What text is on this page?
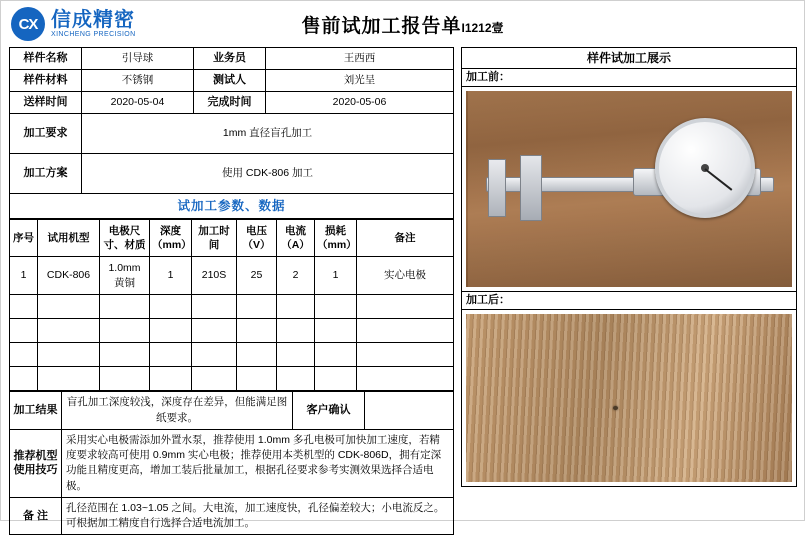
CX 信成精密
XINCHENG PRECISION	售前试加工报告单I1212壹
样件名称	引导球	业务员	王西西
样件材料	不锈钢	测试人	刘光呈
送样时间	2020-05-04	完成时间	2020-05-06
加工要求	1mm 直径盲孔加工		
加工方案	使用 CDK-806 加工		
试加工参数、数据			
序号	试用机型	电极尺寸、材质	深度（mm）	加工时间	电压（V）	电流（A）	损耗（mm）	备注
1	CDK-806	1.0mm 黄铜	1	210S	25	2	1	实心电极

加工结果	盲孔加工深度较浅，深度存在差异，但能满足图纸要求。	客户确认	
推荐机型使用技巧	采用实心电极需添加外置水泵，推荐使用 1.0mm 多孔电极可加快加工速度，若精度要求较高可使用 0.9mm 实心电极；推荐使用本类机型的 CDK-806D，拥有定深功能且精度更高，增加工装后批量加工，根据孔径要求参考实测效果选择合适电极。		
备 注	孔径范围在 1.03~1.05 之间。大电流，加工速度快，孔径偏差较大；小电流反之。可根据加工精度自行选择合适电流加工。		
样件试加工展示
加工前：
加工后：
